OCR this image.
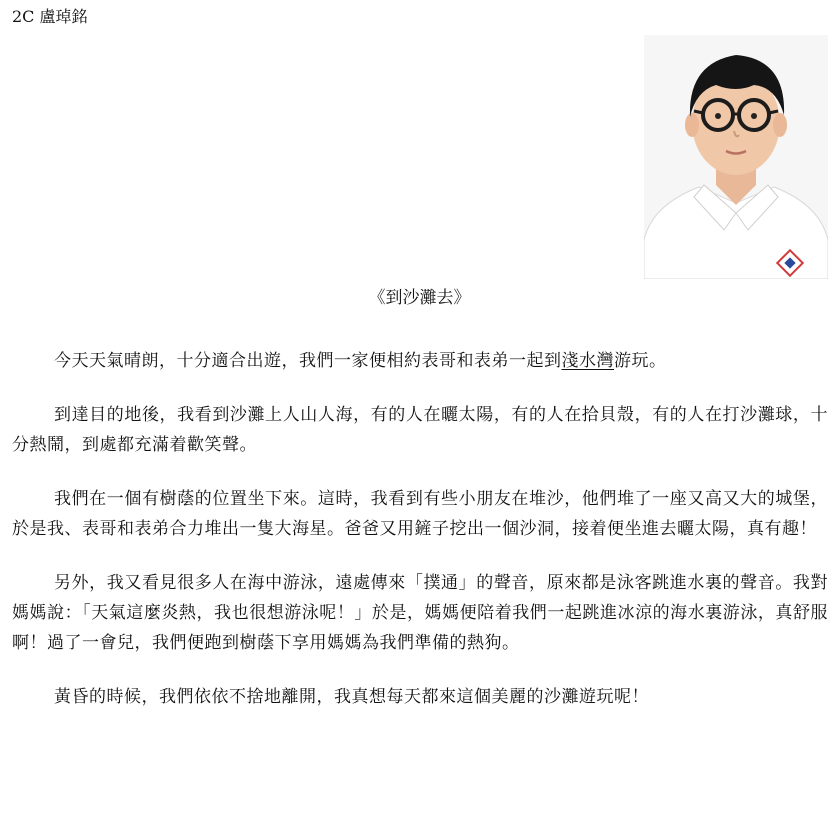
2C 盧琸銘
《到沙灘去》

今天天氣晴朗，十分適合出遊，我們一家便相約表哥和表弟一起到淺水灣游玩。

到達目的地後，我看到沙灘上人山人海，有的人在曬太陽，有的人在拾貝殼，有的人在打沙灘球，十分熱鬧，到處都充滿着歡笑聲。

我們在一個有樹蔭的位置坐下來。這時，我看到有些小朋友在堆沙，他們堆了一座又高又大的城堡，於是我、表哥和表弟合力堆出一隻大海星。爸爸又用鏟子挖出一個沙洞，接着便坐進去曬太陽，真有趣！

另外，我又看見很多人在海中游泳，遠處傳來「撲通」的聲音，原來都是泳客跳進水裏的聲音。我對媽媽說：「天氣這麼炎熱，我也很想游泳呢！」於是，媽媽便陪着我們一起跳進冰涼的海水裏游泳，真舒服啊！過了一會兒，我們便跑到樹蔭下享用媽媽為我們準備的熱狗。

黃昏的時候，我們依依不捨地離開，我真想每天都來這個美麗的沙灘遊玩呢！
